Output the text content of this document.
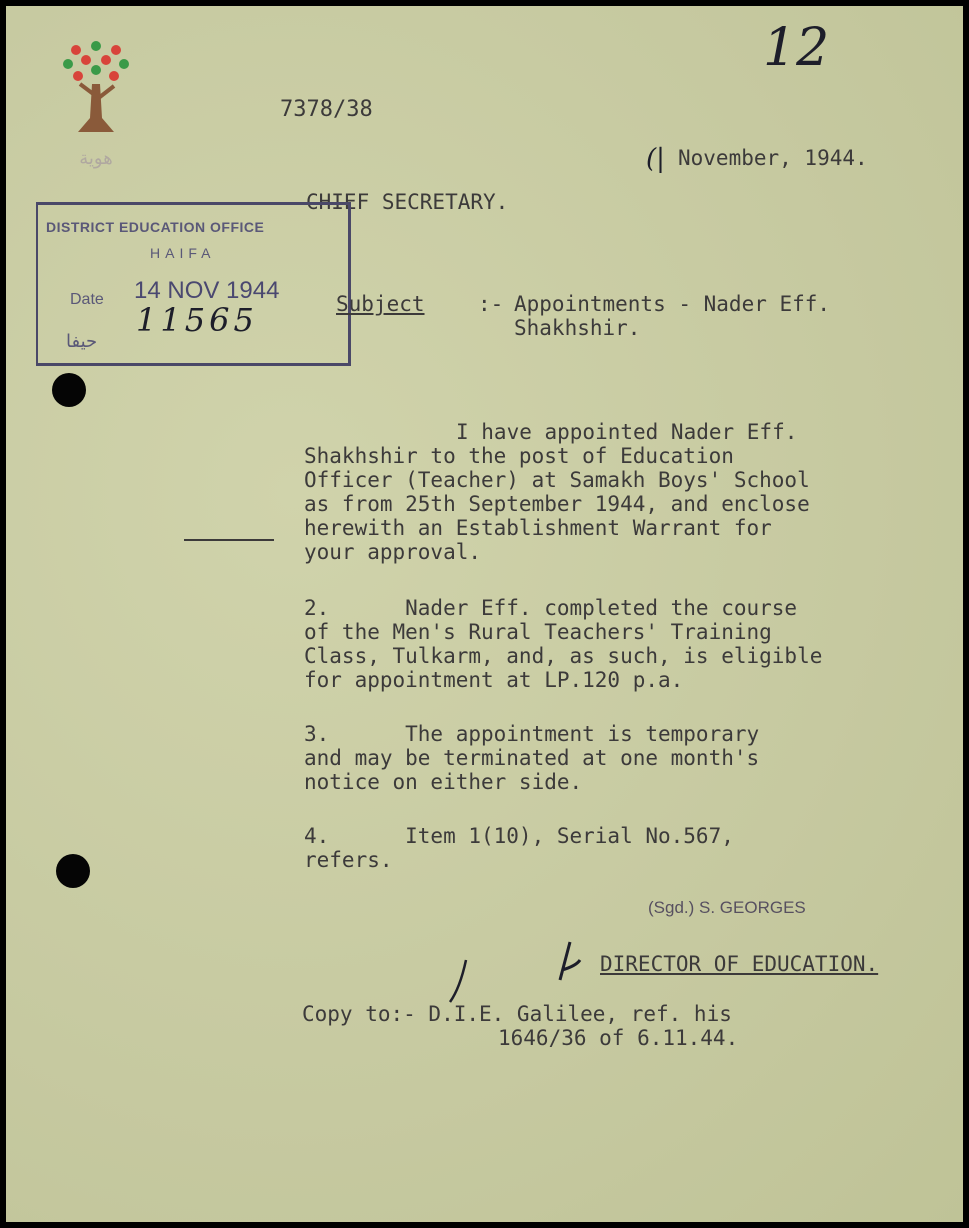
هوية
12
7378/38
(| November, 1944.
CHIEF SECRETARY.
DISTRICT EDUCATION OFFICE
HAIFA
Date 14 NOV 1944
11565
حيفا
Subject	:- Appointments - Nader Eff.
Shakhshir.
I have appointed Nader Eff.
Shakhshir to the post of Education
Officer (Teacher) at Samakh Boys' School
as from 25th September 1944, and enclose
herewith an Establishment Warrant for
your approval.
2.      Nader Eff. completed the course
of the Men's Rural Teachers' Training
Class, Tulkarm, and, as such, is eligible
for appointment at LP.120 p.a.
3.      The appointment is temporary
and may be terminated at one month's
notice on either side.
4.      Item 1(10), Serial No.567,
refers.
(Sgd.) S. GEORGES
DIRECTOR OF EDUCATION.
Copy to:- D.I.E. Galilee, ref. his
1646/36 of 6.11.44.
